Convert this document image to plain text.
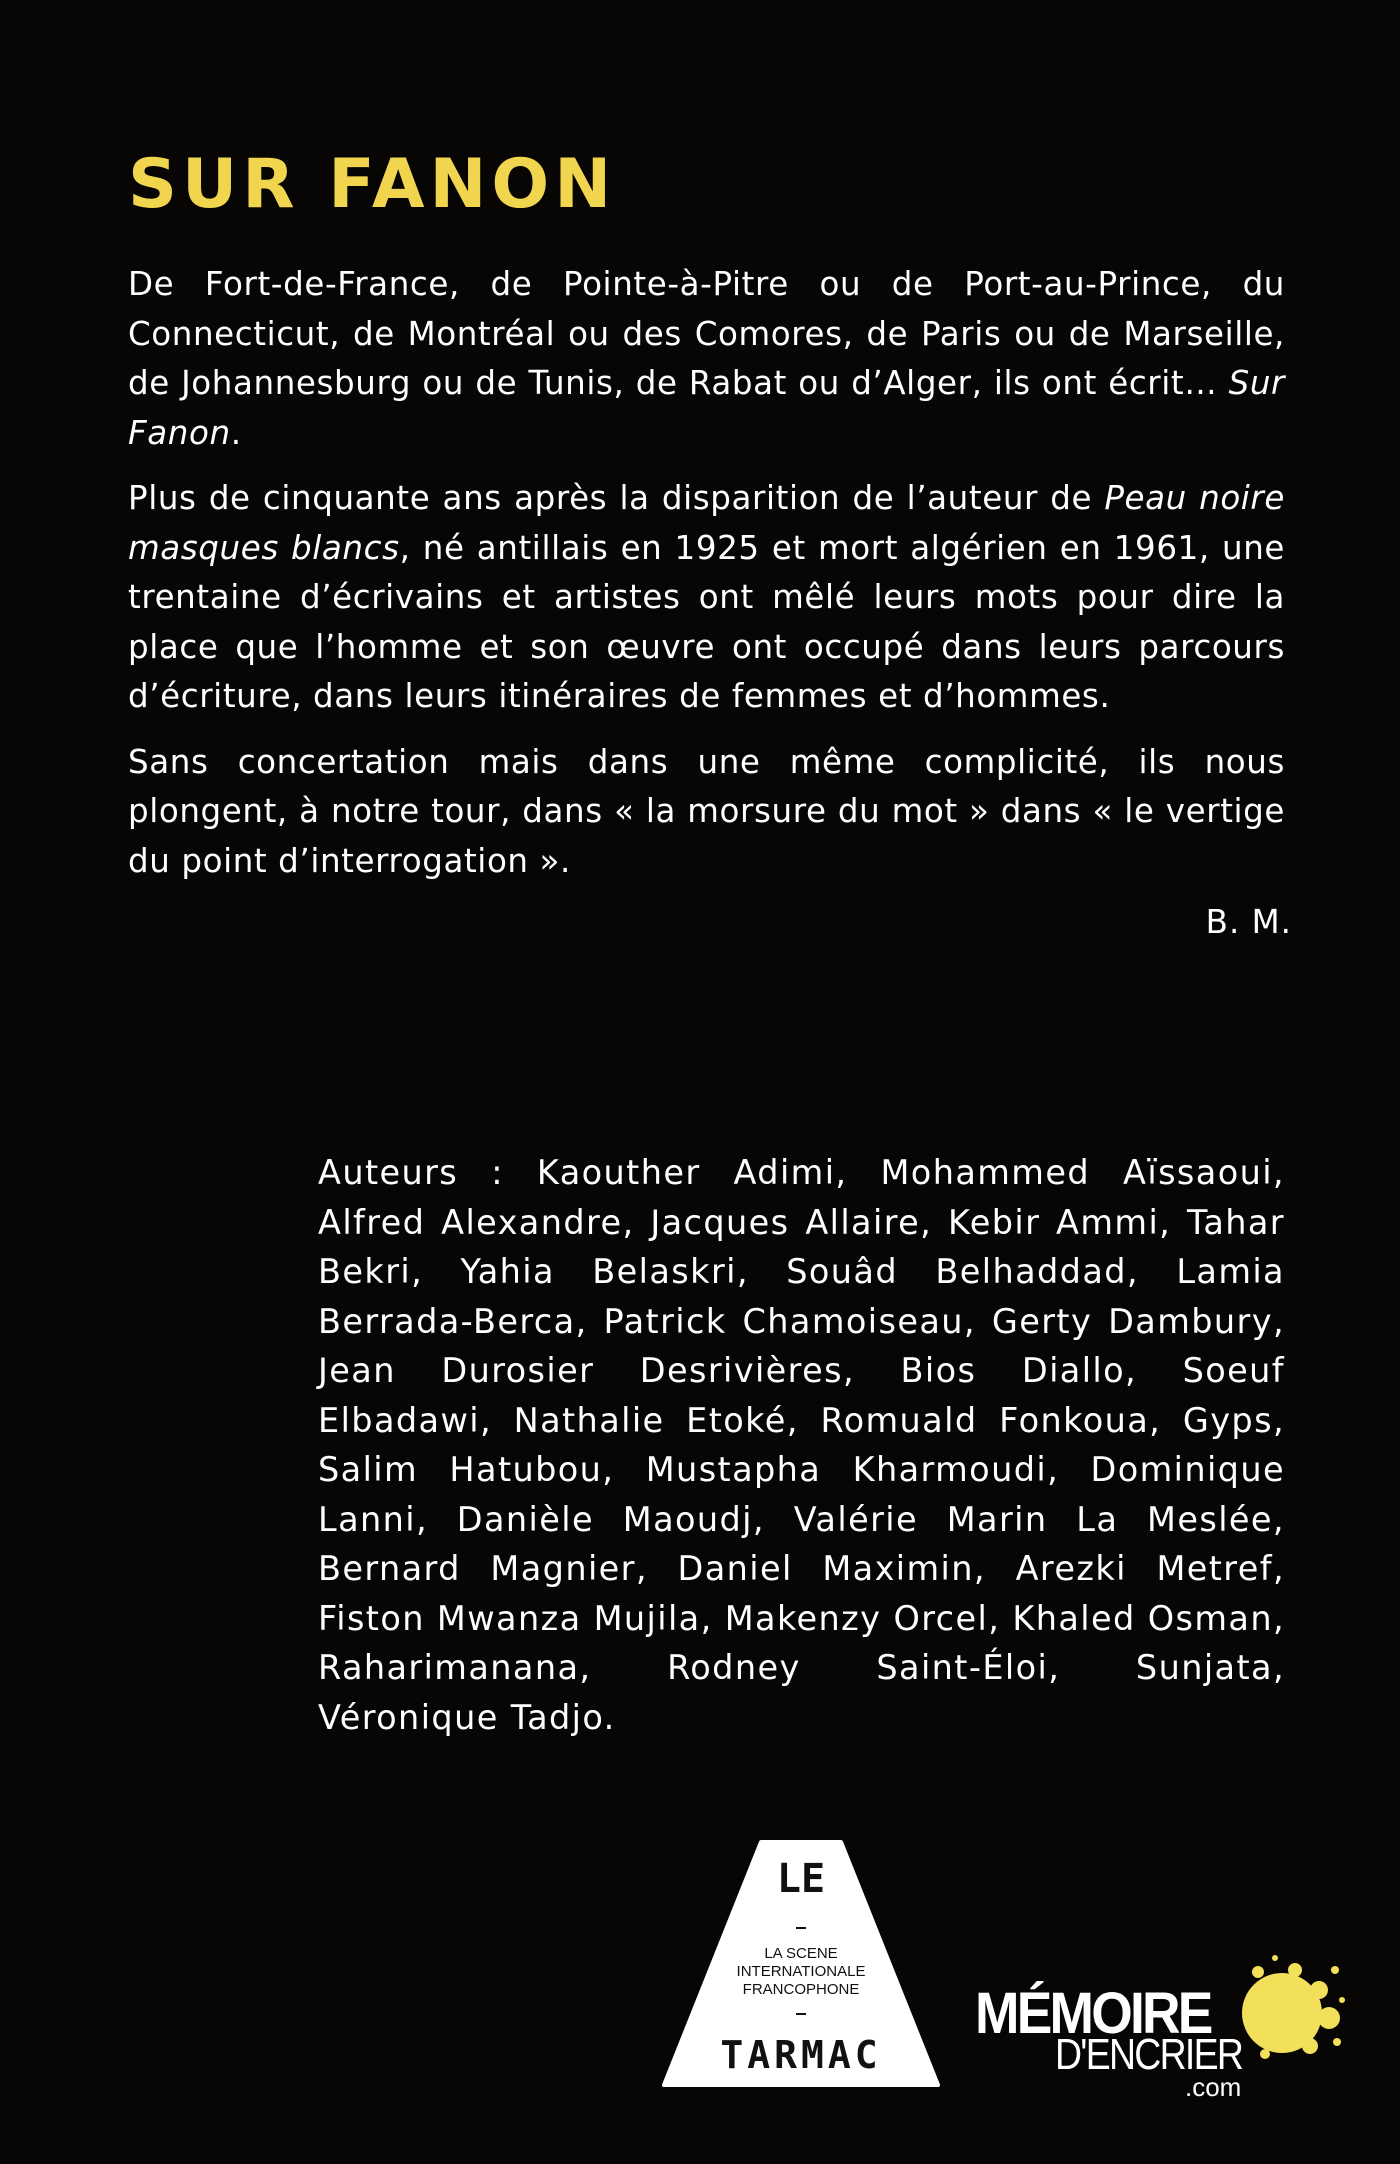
SUR FANON

De Fort-de-France, de Pointe-à-Pitre ou de Port-au-Prince, du Connecticut, de Montréal ou des Comores, de Paris ou de Marseille, de Johannesburg ou de Tunis, de Rabat ou d’Alger, ils ont écrit… Sur Fanon.

Plus de cinquante ans après la disparition de l’auteur de Peau noire masques blancs, né antillais en 1925 et mort algérien en 1961, une trentaine d’écrivains et artistes ont mêlé leurs mots pour dire la place que l’homme et son œuvre ont occupé dans leurs parcours d’écriture, dans leurs itinéraires de femmes et d’hommes.

Sans concertation mais dans une même complicité, ils nous plongent, à notre tour, dans « la morsure du mot » dans « le vertige du point d’interrogation ».

B. M.
Auteurs : Kaouther Adimi, Mohammed Aïssaoui, Alfred Alexandre, Jacques Allaire, Kebir Ammi, Tahar Bekri, Yahia Belaskri, Souâd Belhaddad, Lamia Berrada-Berca, Patrick Chamoiseau, Gerty Dambury, Jean Durosier Desrivières, Bios Diallo, Soeuf Elbadawi, Nathalie Etoké, Romuald Fonkoua, Gyps, Salim Hatubou, Mustapha Kharmoudi, Dominique Lanni, Danièle Maoudj, Valérie Marin La Meslée, Bernard Magnier, Daniel Maximin, Arezki Metref, Fiston Mwanza Mujila, Makenzy Orcel, Khaled Osman, Raharimanana, Rodney Saint-Éloi, Sunjata, Véronique Tadjo.
LE
LA SCENE
INTERNATIONALE
FRANCOPHONE
TARMAC
MÉMOIRE
D'ENCRIER
.com
